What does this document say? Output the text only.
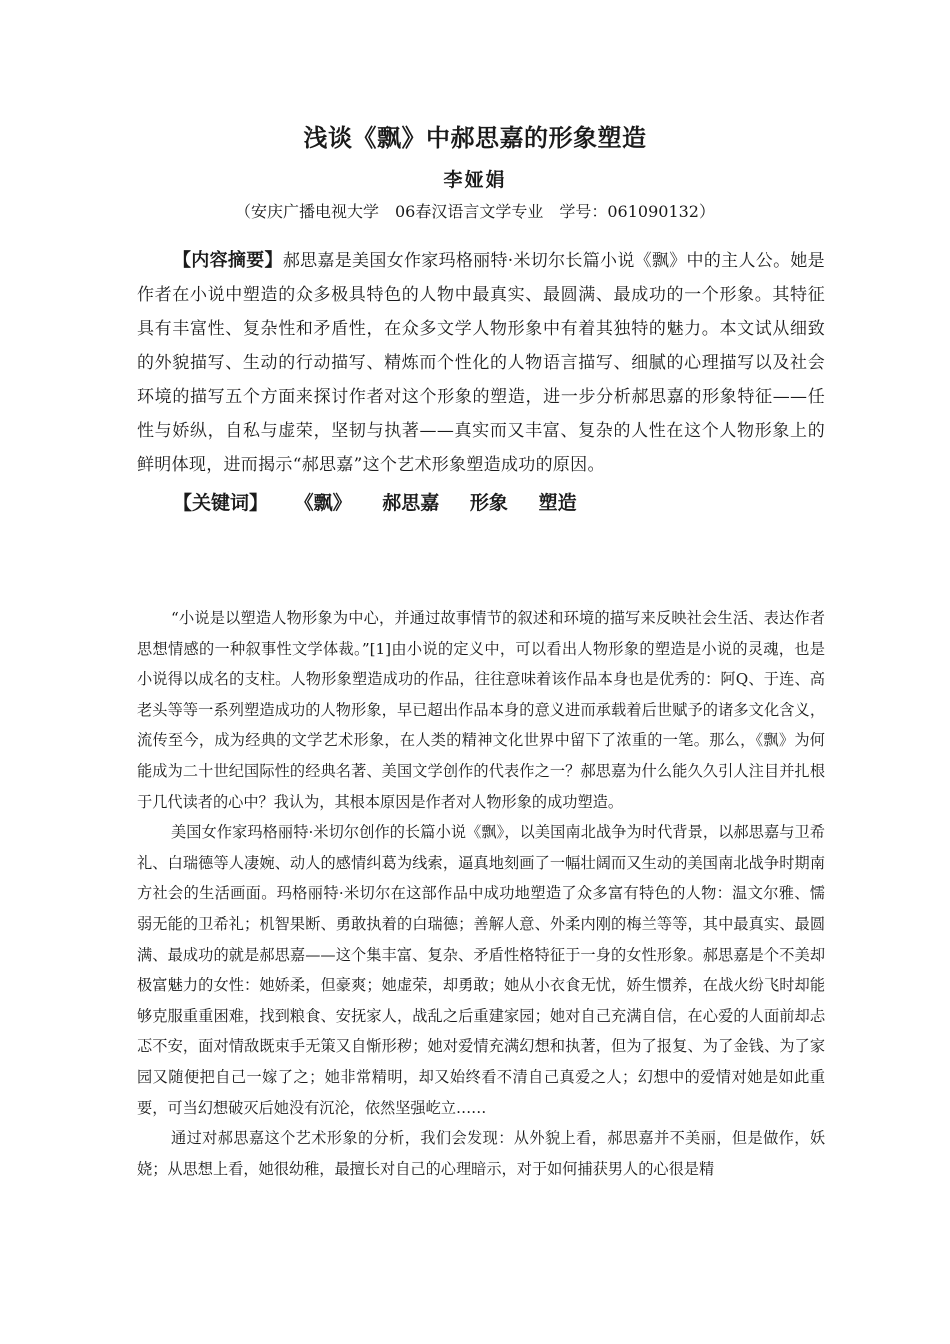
浅谈《飘》中郝思嘉的形象塑造
李娅娟
（安庆广播电视大学　06春汉语言文学专业　学号：061090132）
【内容摘要】郝思嘉是美国女作家玛格丽特·米切尔长篇小说《飘》中的主人公。她是作者在小说中塑造的众多极具特色的人物中最真实、最圆满、最成功的一个形象。其特征具有丰富性、复杂性和矛盾性，在众多文学人物形象中有着其独特的魅力。本文试从细致的外貌描写、生动的行动描写、精炼而个性化的人物语言描写、细腻的心理描写以及社会环境的描写五个方面来探讨作者对这个形象的塑造，进一步分析郝思嘉的形象特征——任性与娇纵，自私与虚荣，坚韧与执著——真实而又丰富、复杂的人性在这个人物形象上的鲜明体现，进而揭示“郝思嘉”这个艺术形象塑造成功的原因。
【关键词】 《飘》 郝思嘉 形象 塑造

“小说是以塑造人物形象为中心，并通过故事情节的叙述和环境的描写来反映社会生活、表达作者思想情感的一种叙事性文学体裁。”[1]由小说的定义中，可以看出人物形象的塑造是小说的灵魂，也是小说得以成名的支柱。人物形象塑造成功的作品，往往意味着该作品本身也是优秀的：阿Q、于连、高老头等等一系列塑造成功的人物形象，早已超出作品本身的意义进而承载着后世赋予的诸多文化含义，流传至今，成为经典的文学艺术形象，在人类的精神文化世界中留下了浓重的一笔。那么，《飘》为何能成为二十世纪国际性的经典名著、美国文学创作的代表作之一？郝思嘉为什么能久久引人注目并扎根于几代读者的心中？我认为，其根本原因是作者对人物形象的成功塑造。

美国女作家玛格丽特·米切尔创作的长篇小说《飘》，以美国南北战争为时代背景，以郝思嘉与卫希礼、白瑞德等人凄婉、动人的感情纠葛为线索，逼真地刻画了一幅壮阔而又生动的美国南北战争时期南方社会的生活画面。玛格丽特·米切尔在这部作品中成功地塑造了众多富有特色的人物：温文尔雅、懦弱无能的卫希礼；机智果断、勇敢执着的白瑞德；善解人意、外柔内刚的梅兰等等，其中最真实、最圆满、最成功的就是郝思嘉——这个集丰富、复杂、矛盾性格特征于一身的女性形象。郝思嘉是个不美却极富魅力的女性：她娇柔，但豪爽；她虚荣，却勇敢；她从小衣食无忧，娇生惯养，在战火纷飞时却能够克服重重困难，找到粮食、安抚家人，战乱之后重建家园；她对自己充满自信，在心爱的人面前却忐忑不安，面对情敌既束手无策又自惭形秽；她对爱情充满幻想和执著，但为了报复、为了金钱、为了家园又随便把自己一嫁了之；她非常精明，却又始终看不清自己真爱之人；幻想中的爱情对她是如此重要，可当幻想破灭后她没有沉沦，依然坚强屹立……

通过对郝思嘉这个艺术形象的分析，我们会发现：从外貌上看，郝思嘉并不美丽，但是做作，妖娆；从思想上看，她很幼稚，最擅长对自己的心理暗示，对于如何捕获男人的心很是精
